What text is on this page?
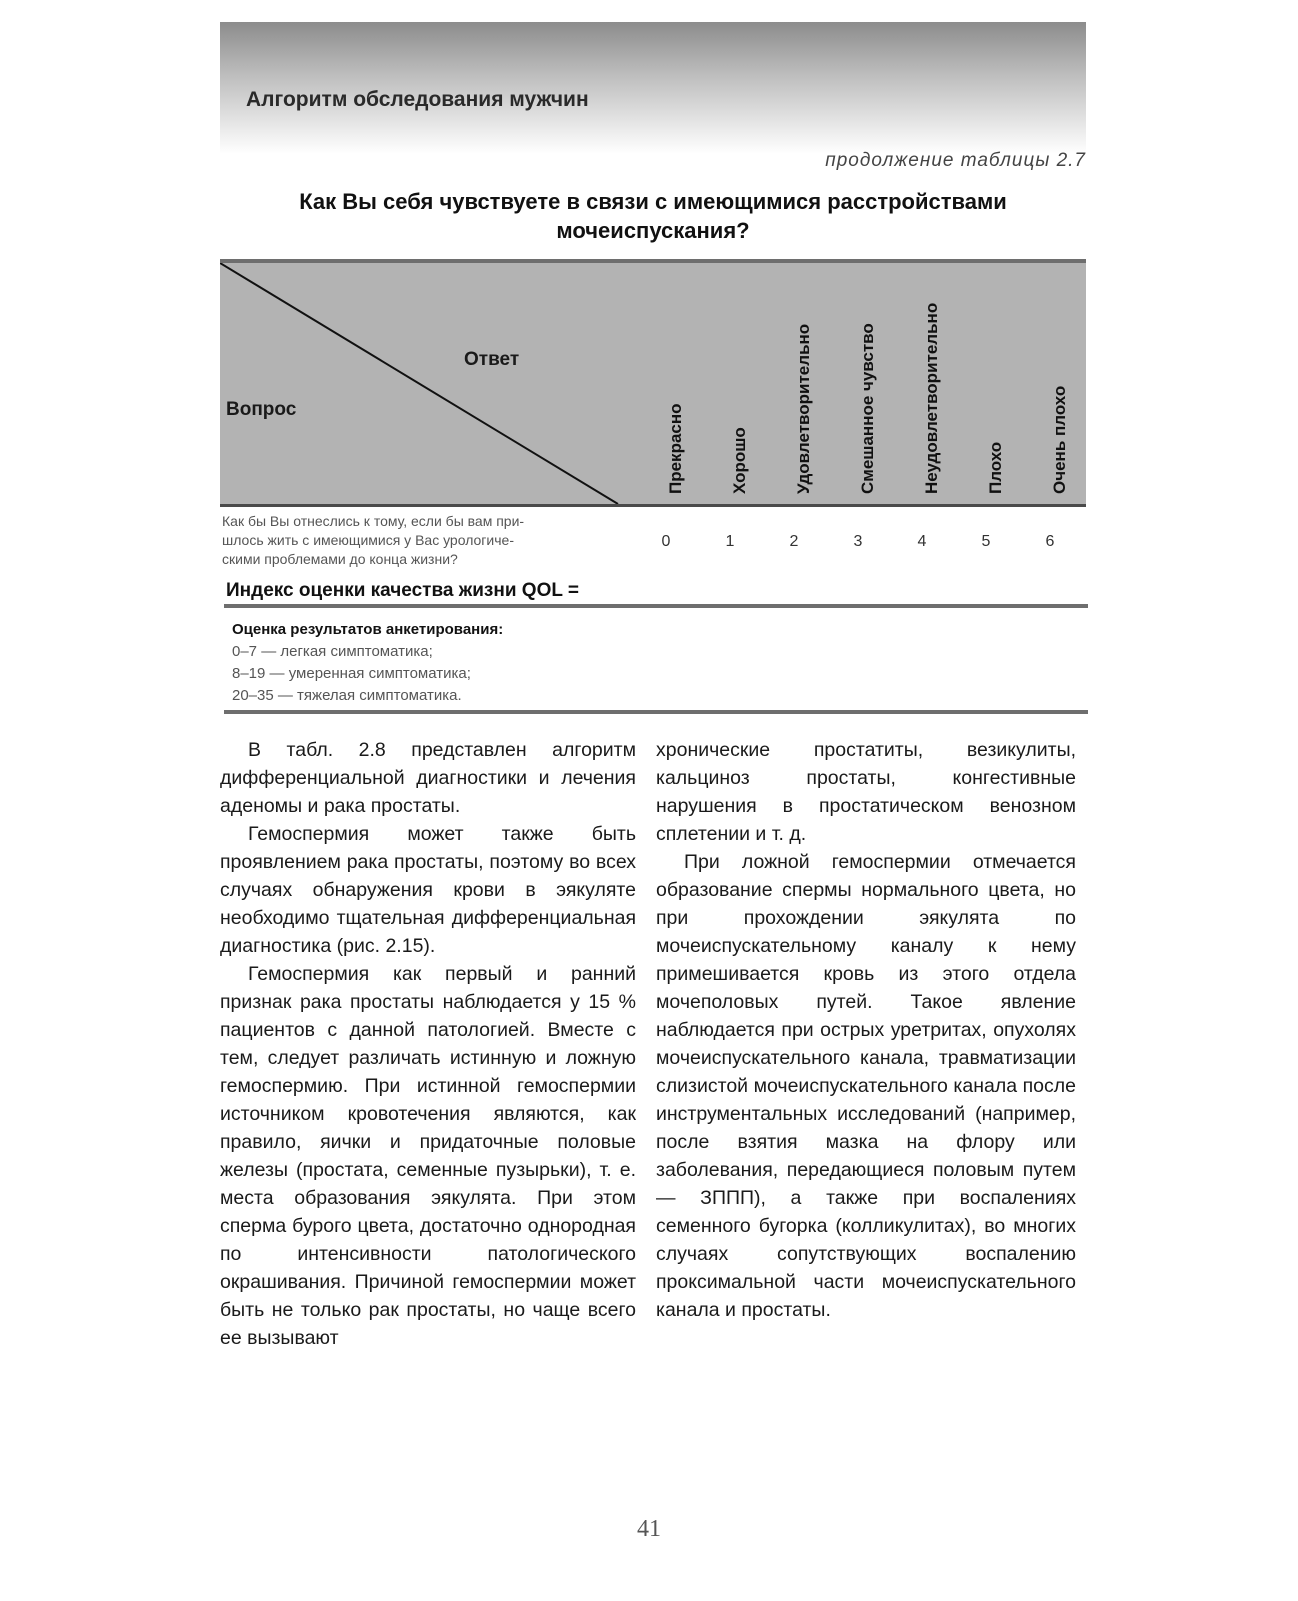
Алгоритм обследования мужчин
продолжение таблицы 2.7
Как Вы себя чувствуете в связи с имеющимися расстройствами
мочеиспускания?
Ответ
Вопрос	Прекрасно	Хорошо	Удовлетворительно	Смешанное чувство	Неудовлетворительно	Плохо	Очень плохо
Как бы Вы отнеслись к тому, если бы вам при-
шлось жить с имеющимися у Вас урологиче-
скими проблемами до конца жизни?
0	1	2	3	4	5	6
Индекс оценки качества жизни QOL =
Оценка результатов анкетирования:
0–7 — легкая симптоматика;
8–19 — умеренная симптоматика;
20–35 — тяжелая симптоматика.

В табл. 2.8 представлен алгоритм дифференциальной диагностики и лечения аденомы и рака простаты.

Гемоспермия может также быть проявлением рака простаты, поэтому во всех случаях обнаружения крови в эякуляте необходимо тщательная дифференциальная диагностика (рис. 2.15).

Гемоспермия как первый и ранний признак рака простаты наблюдается у 15 % пациентов с данной патологией. Вместе с тем, следует различать истинную и ложную гемоспермию. При истинной гемоспермии источником кровотечения являются, как правило, яички и придаточные половые железы (простата, семенные пузырьки), т. е. места образования эякулята. При этом сперма бурого цвета, достаточно однородная по интенсивности патологического окрашивания. Причиной гемоспермии может быть не только рак простаты, но чаще всего ее вызывают

хронические простатиты, везикулиты, кальциноз простаты, конгестивные нарушения в простатическом венозном сплетении и т. д.

При ложной гемоспермии отмечается образование спермы нормального цвета, но при прохождении эякулята по мочеиспускательному каналу к нему примешивается кровь из этого отдела мочеполовых путей. Такое явление наблюдается при острых уретритах, опухолях мочеиспускательного канала, травматизации слизистой мочеиспускательного канала после инструментальных исследований (например, после взятия мазка на флору или заболевания, передающиеся половым путем — ЗППП), а также при воспалениях семенного бугорка (колликулитах), во многих случаях сопутствующих воспалению проксимальной части мочеиспускательного канала и простаты.

41
